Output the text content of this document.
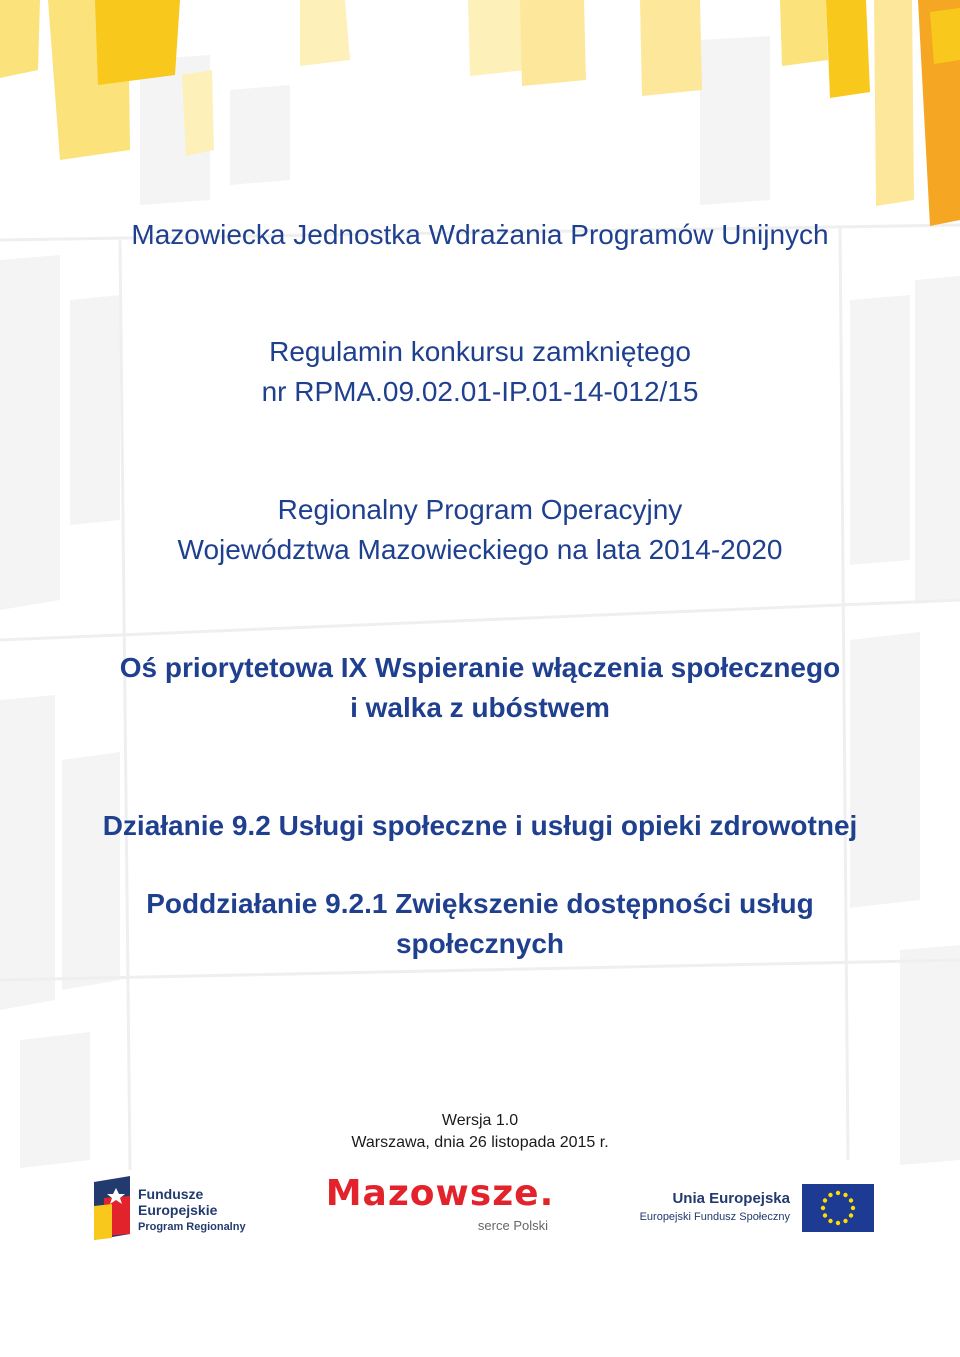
Mazowiecka Jednostka Wdrażania Programów Unijnych
Regulamin konkursu zamkniętego
nr RPMA.09.02.01-IP.01-14-012/15
Regionalny Program Operacyjny
Województwa Mazowieckiego na lata 2014-2020
Oś priorytetowa IX Wspieranie włączenia społecznego
i walka z ubóstwem
Działanie 9.2 Usługi społeczne i usługi opieki zdrowotnej
Poddziałanie 9.2.1 Zwiększenie dostępności usług
społecznych
Wersja 1.0
Warszawa, dnia 26 listopada 2015 r.
Fundusze
Europejskie
Program Regionalny
Mazowsze.
serce Polski
Unia Europejska
Europejski Fundusz Społeczny
